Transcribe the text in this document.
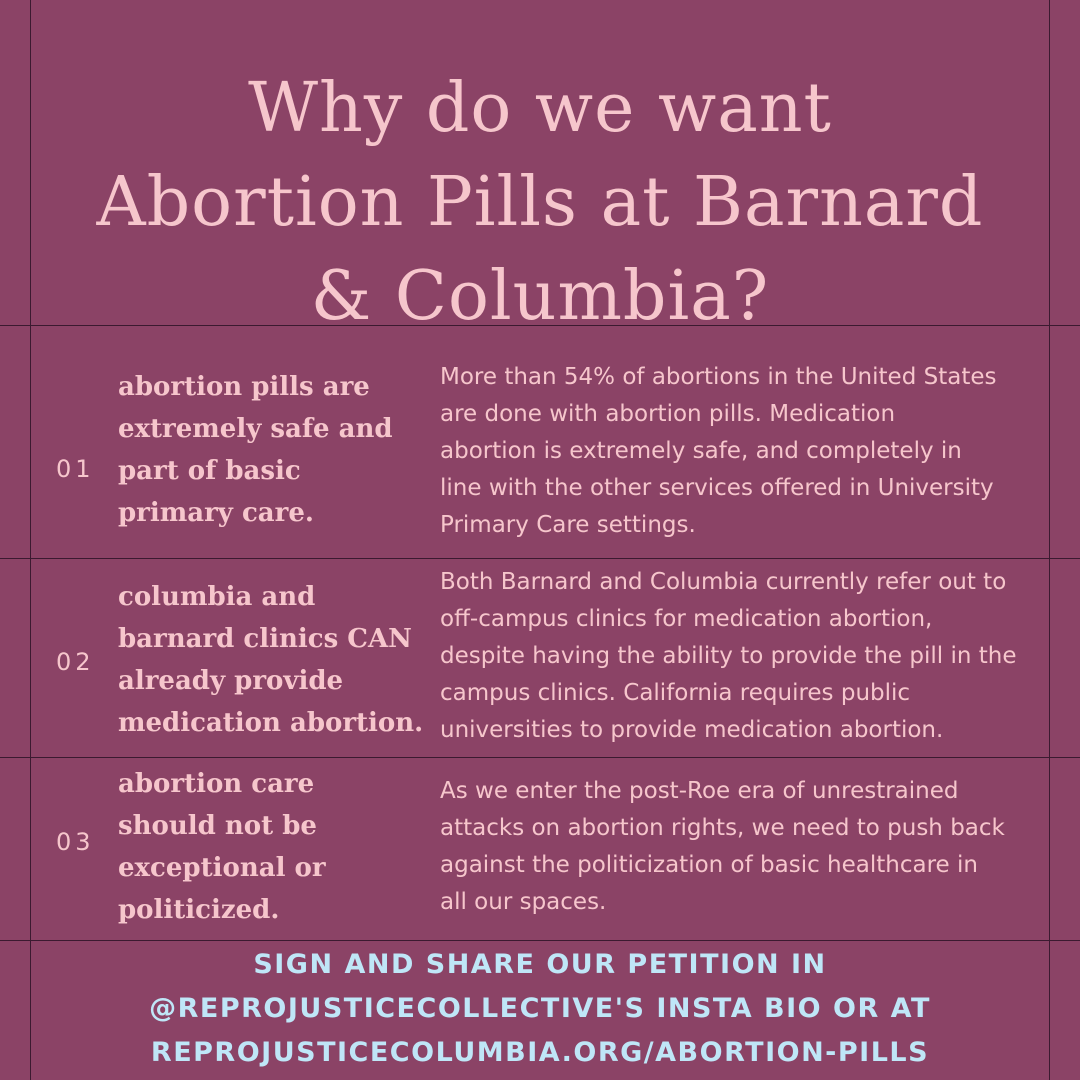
Why do we want
Abortion Pills at Barnard
& Columbia?
01
abortion pills are
extremely safe and
part of basic
primary care.
More than 54% of abortions in the United States
are done with abortion pills. Medication
abortion is extremely safe, and completely in
line with the other services offered in University
Primary Care settings.
02
columbia and
barnard clinics CAN
already provide
medication abortion.
Both Barnard and Columbia currently refer out to
off-campus clinics for medication abortion,
despite having the ability to provide the pill in the
campus clinics. California requires public
universities to provide medication abortion.
03
abortion care
should not be
exceptional or
politicized.
As we enter the post-Roe era of unrestrained
attacks on abortion rights, we need to push back
against the politicization of basic healthcare in
all our spaces.
SIGN AND SHARE OUR PETITION IN
@REPROJUSTICECOLLECTIVE'S INSTA BIO OR AT
REPROJUSTICECOLUMBIA.ORG/ABORTION-PILLS
